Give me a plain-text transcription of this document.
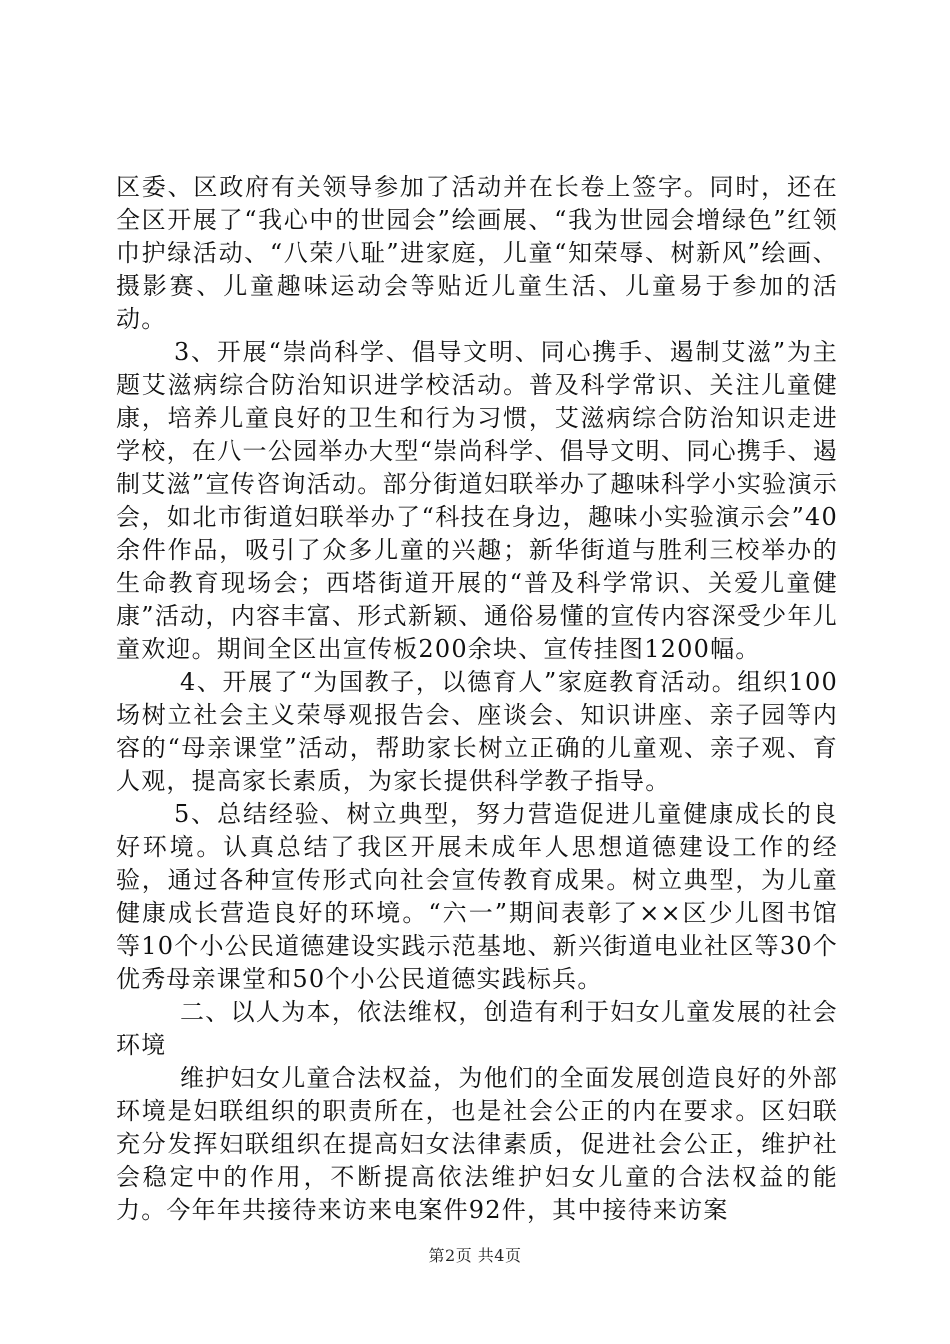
区委、区政府有关领导参加了活动并在长卷上签字。同时，还在全区开展了“我心中的世园会”绘画展、“我为世园会增绿色”红领巾护绿活动、“八荣八耻”进家庭，儿童“知荣辱、树新风”绘画、摄影赛、儿童趣味运动会等贴近儿童生活、儿童易于参加的活动。

3、开展“崇尚科学、倡导文明、同心携手、遏制艾滋”为主题艾滋病综合防治知识进学校活动。普及科学常识、关注儿童健康，培养儿童良好的卫生和行为习惯，艾滋病综合防治知识走进学校，在八一公园举办大型“崇尚科学、倡导文明、同心携手、遏制艾滋”宣传咨询活动。部分街道妇联举办了趣味科学小实验演示会，如北市街道妇联举办了“科技在身边，趣味小实验演示会”40余件作品，吸引了众多儿童的兴趣；新华街道与胜利三校举办的生命教育现场会；西塔街道开展的“普及科学常识、关爱儿童健康”活动，内容丰富、形式新颖、通俗易懂的宣传内容深受少年儿童欢迎。期间全区出宣传板200余块、宣传挂图1200幅。

4、开展了“为国教子，以德育人”家庭教育活动。组织100场树立社会主义荣辱观报告会、座谈会、知识讲座、亲子园等内容的“母亲课堂”活动，帮助家长树立正确的儿童观、亲子观、育人观，提高家长素质，为家长提供科学教子指导。

5、总结经验、树立典型，努力营造促进儿童健康成长的良好环境。认真总结了我区开展未成年人思想道德建设工作的经验，通过各种宣传形式向社会宣传教育成果。树立典型，为儿童健康成长营造良好的环境。“六一”期间表彰了××区少儿图书馆等10个小公民道德建设实践示范基地、新兴街道电业社区等30个优秀母亲课堂和50个小公民道德实践标兵。

二、以人为本，依法维权，创造有利于妇女儿童发展的社会环境

维护妇女儿童合法权益，为他们的全面发展创造良好的外部环境是妇联组织的职责所在，也是社会公正的内在要求。区妇联充分发挥妇联组织在提高妇女法律素质，促进社会公正，维护社会稳定中的作用，不断提高依法维护妇女儿童的合法权益的能力。今年年共接待来访来电案件92件，其中接待来访案

第2页 共4页
